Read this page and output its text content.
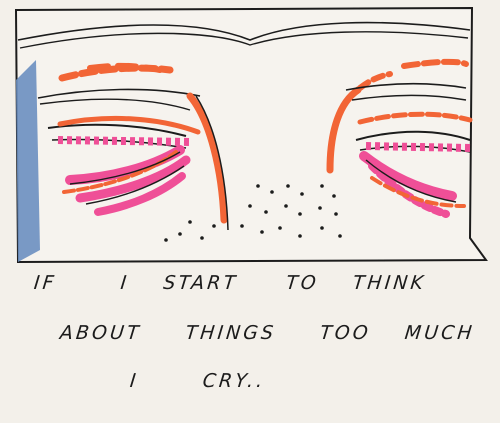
IF	I START TO THINK
ABOUT THINGS TOO MUCH
I	CRY..
